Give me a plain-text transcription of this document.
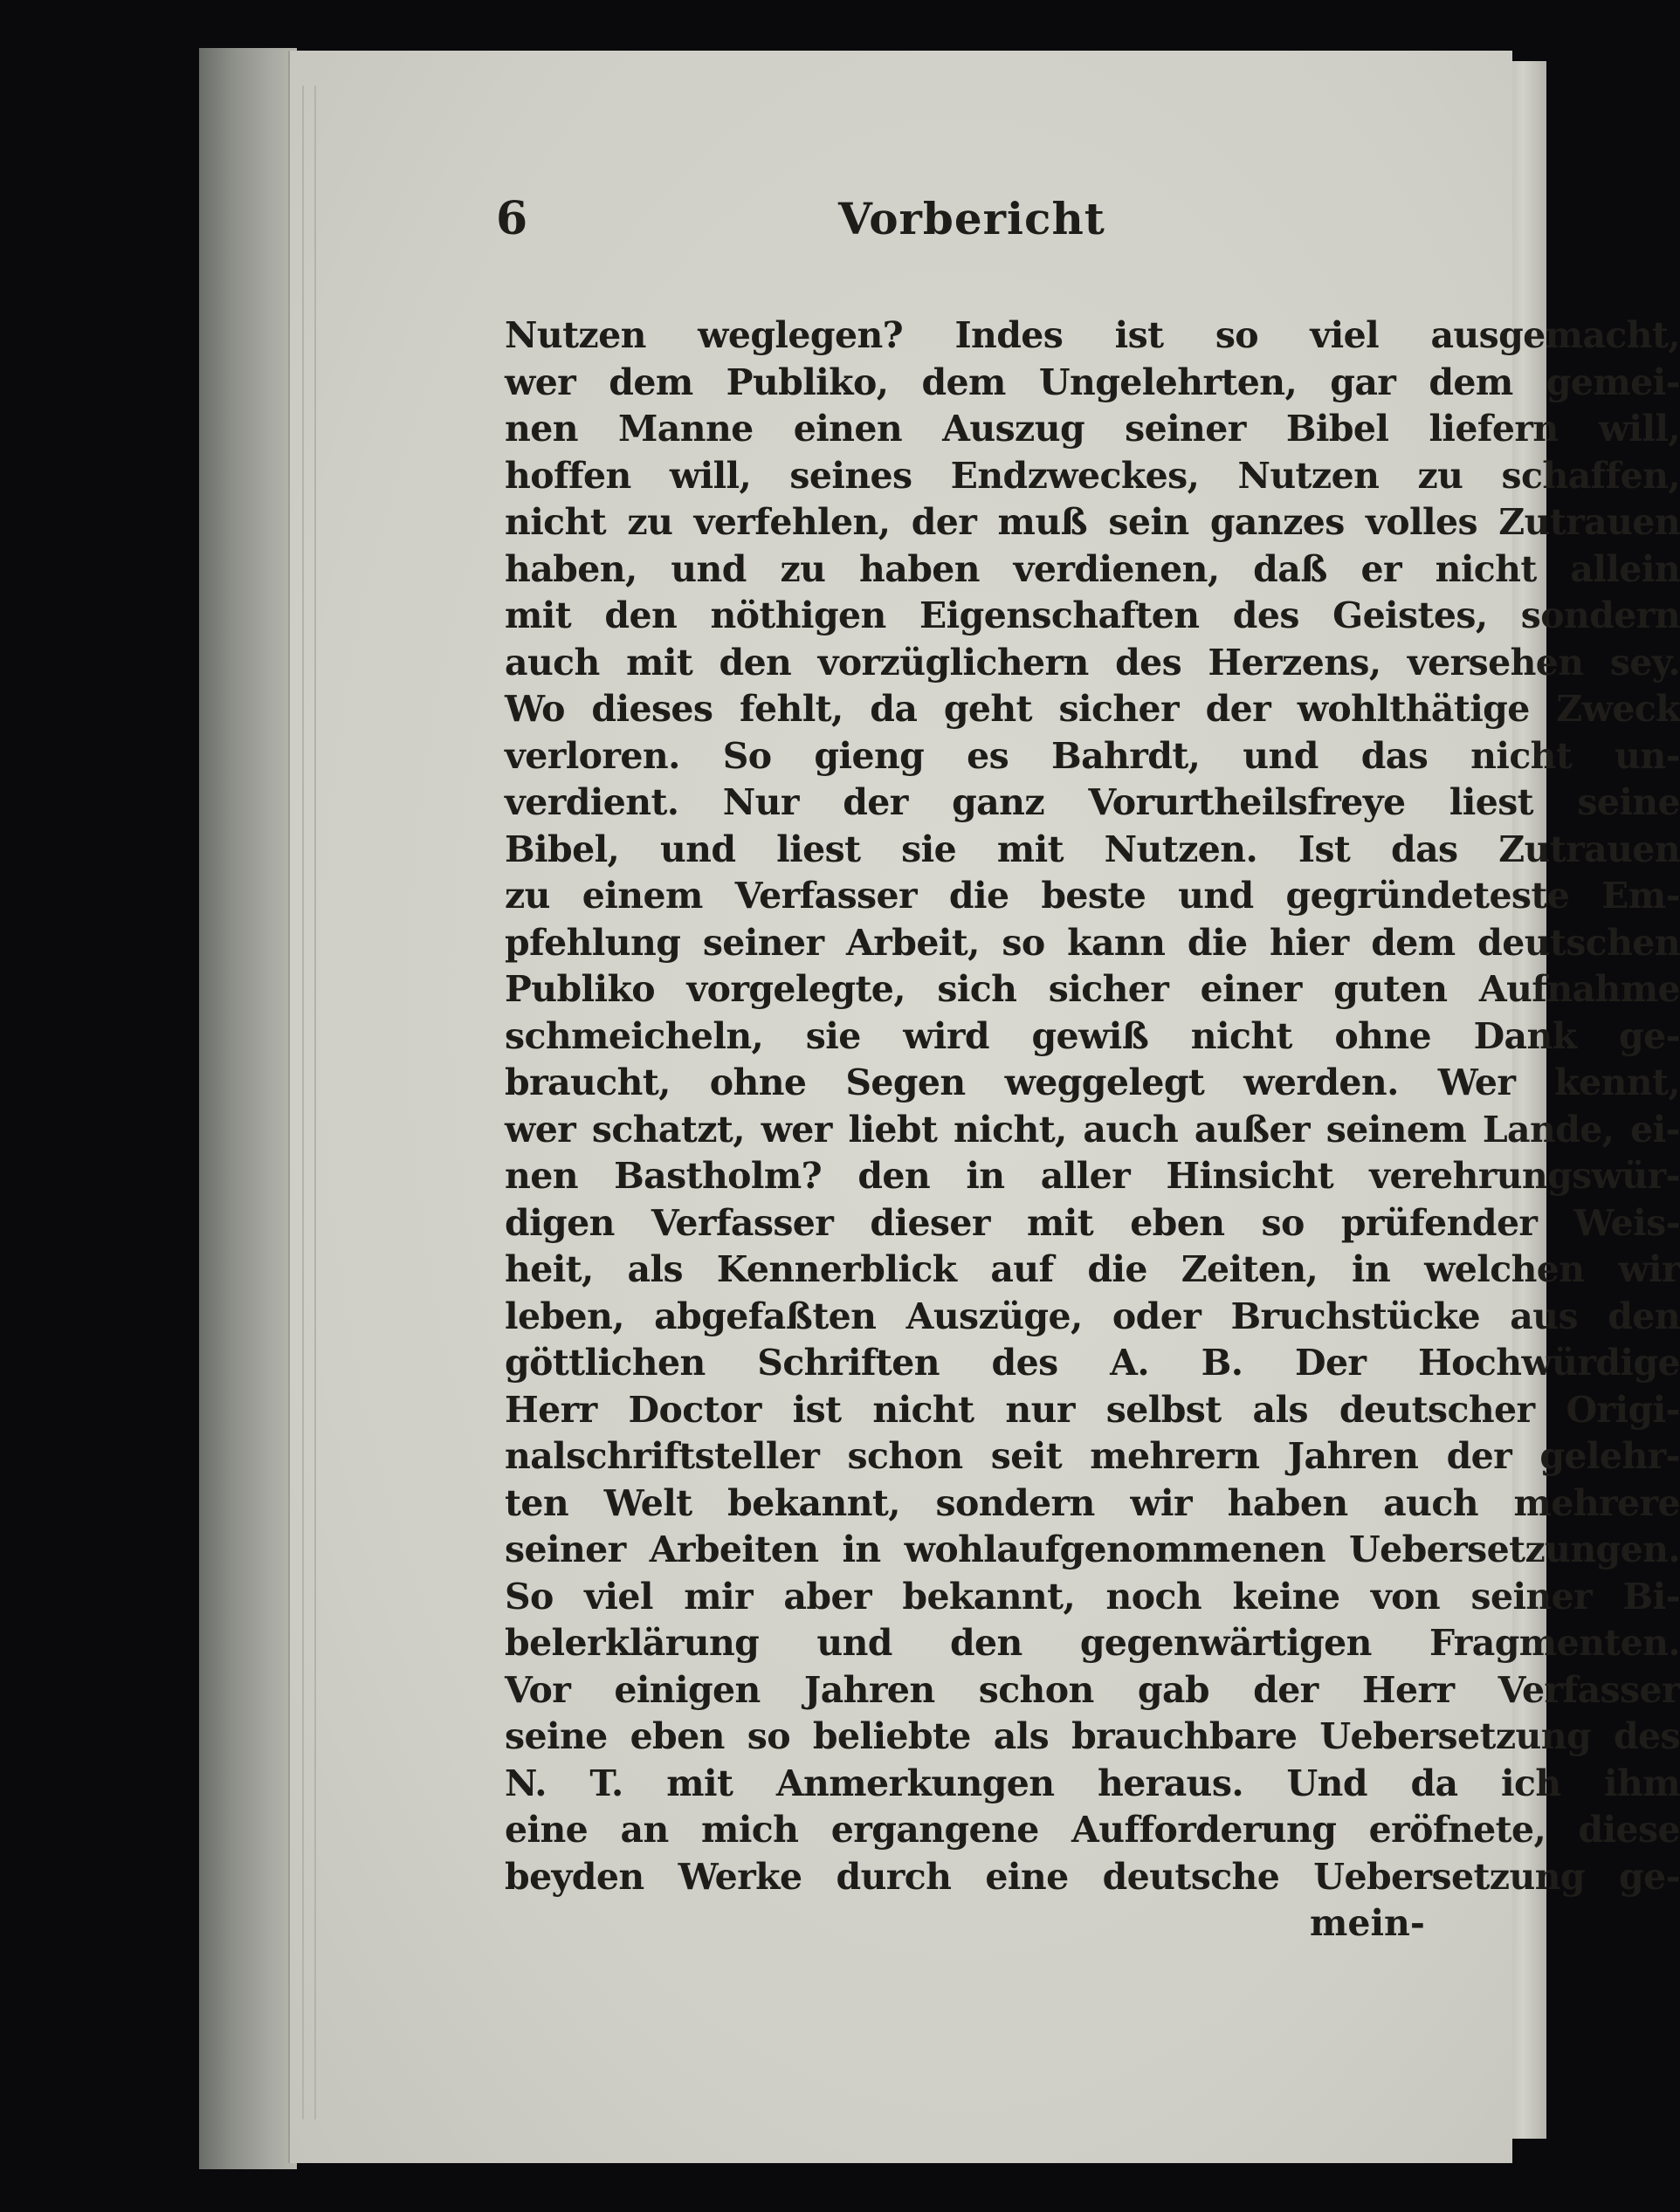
6	Vorbericht
Nutzen weglegen? Indes ist so viel ausgemacht,
wer dem Publiko, dem Ungelehrten, gar dem gemei-
nen Manne einen Auszug seiner Bibel liefern will,
hoffen will, seines Endzweckes, Nutzen zu schaffen,
nicht zu verfehlen, der muß sein ganzes volles Zutrauen
haben, und zu haben verdienen, daß er nicht allein
mit den nöthigen Eigenschaften des Geistes, sondern
auch mit den vorzüglichern des Herzens, versehen sey.
Wo dieses fehlt, da geht sicher der wohlthätige Zweck
verloren. So gieng es Bahrdt, und das nicht un-
verdient. Nur der ganz Vorurtheilsfreye liest seine
Bibel, und liest sie mit Nutzen. Ist das Zutrauen
zu einem Verfasser die beste und gegründeteste Em-
pfehlung seiner Arbeit, so kann die hier dem deutschen
Publiko vorgelegte, sich sicher einer guten Aufnahme
schmeicheln, sie wird gewiß nicht ohne Dank ge-
braucht, ohne Segen weggelegt werden. Wer kennt,
wer schatzt, wer liebt nicht, auch außer seinem Lande, ei-
nen Bastholm? den in aller Hinsicht verehrungswür-
digen Verfasser dieser mit eben so prüfender Weis-
heit, als Kennerblick auf die Zeiten, in welchen wir
leben, abgefaßten Auszüge, oder Bruchstücke aus den
göttlichen Schriften des A. B. Der Hochwürdige
Herr Doctor ist nicht nur selbst als deutscher Origi-
nalschriftsteller schon seit mehrern Jahren der gelehr-
ten Welt bekannt, sondern wir haben auch mehrere
seiner Arbeiten in wohlaufgenommenen Uebersetzungen.
So viel mir aber bekannt, noch keine von seiner Bi-
belerklärung und den gegenwärtigen Fragmenten.
Vor einigen Jahren schon gab der Herr Verfasser
seine eben so beliebte als brauchbare Uebersetzung des
N. T. mit Anmerkungen heraus. Und da ich ihm
eine an mich ergangene Aufforderung eröfnete, diese
beyden Werke durch eine deutsche Uebersetzung ge-
mein-
